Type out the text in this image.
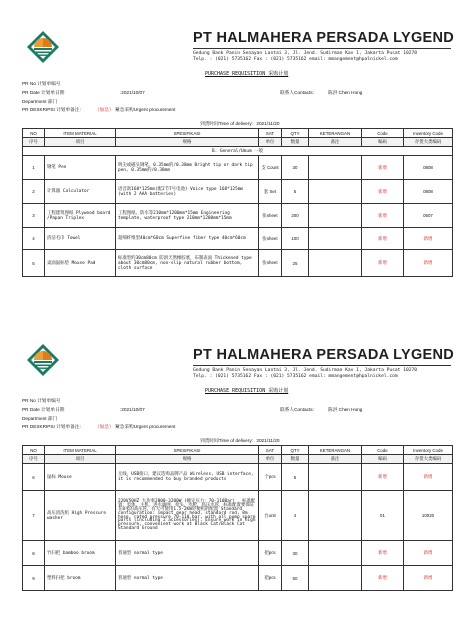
PT HALMAHERA PERSADA LYGEND
Gedung Bank Panin Senayan Lantai 3, Jl. Jend. Sudirman Kav 1, Jakarta Pusat 10270
Telp. : (021) 5735162 Fax : (021) 5735162 email: mmangement@hpalnickel.com
PURCHASE REQUISITION 采购计划
PR No 计划单编号
PR Date 计划单日期	:2021/10/07	联系人Contacts： 陈洪 Chen Hong
Department 部门
PR DESKRIPSI 计划单备注： （加急） 紧急采购Urgent procurement
到货时间Time of delivery：2021/11/20
NO	ITEM MATERIAL	SPESIFIKASI	SAT	QTY	KETERANGAN	Code	Inventory Code
序号	项目	规格	单位	数量	备注	编码	存货大类编码
B. General/Umum 一般							
1	钢笔 Pen	明尖或磁头钢笔，0.35mm的/0.38mm Bright tip or dark tip pen, 0.35mm的/0.38mm	支 Count	30		新增	0808
2	计算器 Calculator	语音款168*125mm(配2节7号电池) Voice type 168*125mm (with 2 AAA batteries)	套 Set	5		新增	0808
3	工程建筑图纸 Plywood board /Papan Triplex	工程图纸，防水等210mm*1200mm*15mm Engineering template, waterproof type 210mm*1200mm*15mm	张sheet	200		新增	0507
4	清洁毛巾 Towel	超细纤维型40cm*60cm Superfine fiber type 40cm*60cm	张sheet	100		新增	新增
5	桌面鼠标垫 Mouse Pad	标准型约30cm80cm 防滑天然橡胶底，布制表面 Thickened type about 30cm80cm, non-slip natural rubber bottom, cloth surface	张sheet	25		新增	新增
PT HALMAHERA PERSADA LYGEND
Gedung Bank Panin Senayan Lantai 3, Jl. Jend. Sudirman Kav 1, Jakarta Pusat 10270
Telp. : (021) 5735162 Fax : (021) 5735162 email: mmangement@hpalnickel.com
PURCHASE REQUISITION 采购计划
PR No 计划单编号
PR Date 计划单日期	:2021/10/07	联系人Contacts： 陈洪 Chen Hong
Department 部门
PR DESKRIPSI 计划单备注： （加急） 紧急采购Urgent procurement
到货时间Time of delivery：2021/11/20
NO	ITEM MATERIAL	SPESIFIKASI	SAT	QTY	KETERANGAN	Code	Inventory Code
序号	项目	规格	单位	数量	备注	编码	存货大类编码
6	鼠标 Mouse	无线，USB接口，建议选购品牌产品 Wireless, USB interface, it is recommended to buy branded products	个pcs	5		新增	新增
7	高压清洗机 High Pressure washer	220V50HZ 大功率2800-3200W (额定压力：70-110Bar) ，标准配置：泵体，主机，进水滤网，抢头，水枪，高压水管，标准配置要保证在8米的高压管，有大可使用1.5-2KW轻便机的配置 Standard configuration: impact gear head, standard rod, 8m hose, rated pressure 70-110 bar, with all pump spare parts (including 2 accessories), Ensure work in high pressure, convenient work at Black Cat/Black Cat Standard Ground	台unit	4		01	10020
8	竹扫把 bamboo broom	普通型 normal type	把pcs	30		新增	新增
9	塑料扫把 broom	普通型 normal type	把pcs	50		新增	新增
